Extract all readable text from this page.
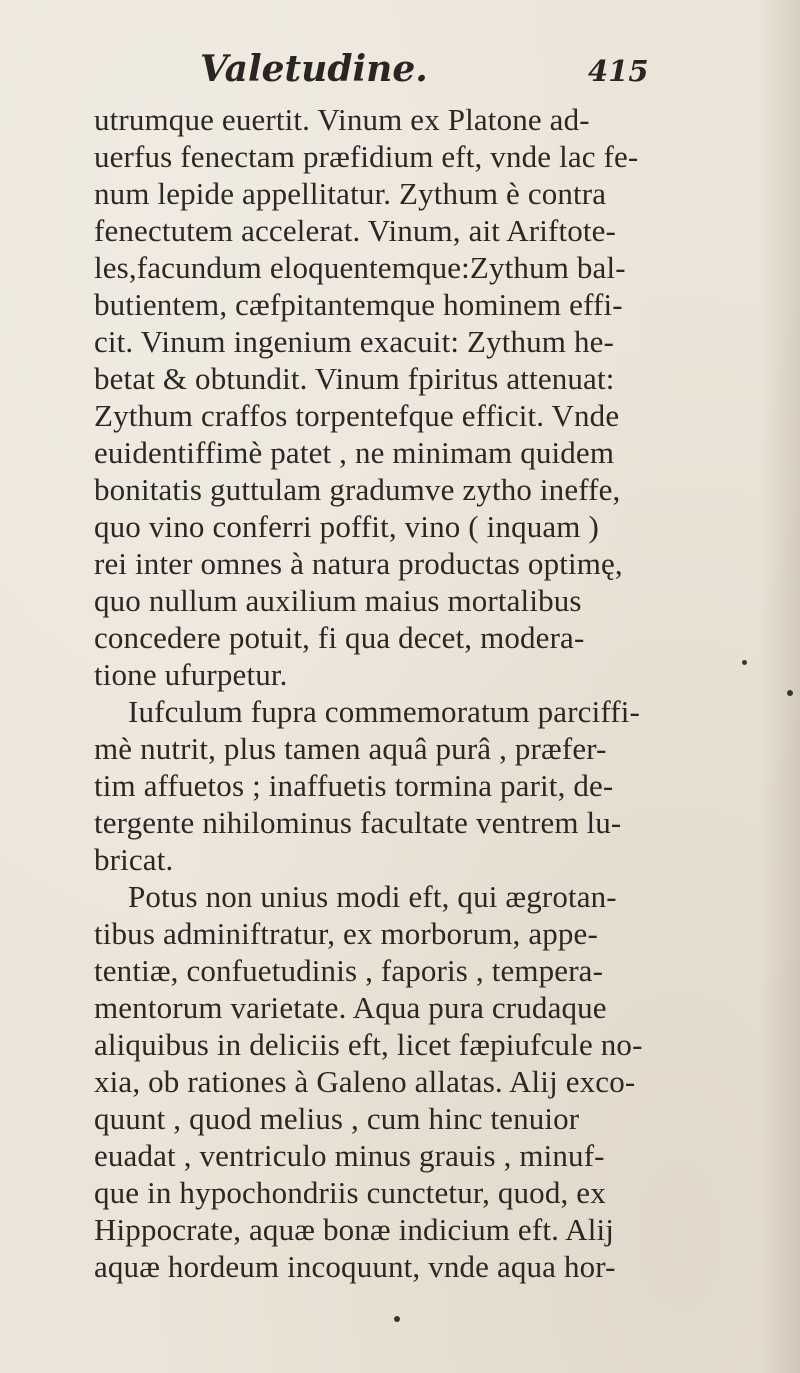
Valetudine.	415
utrumque euertit. Vinum ex Platone ad-
uerfus fenectam præfidium eft, vnde lac fe-
num lepide appellitatur. Zythum è contra
fenectutem accelerat. Vinum, ait Ariftote-
les,facundum eloquentemque:Zythum bal-
butientem, cæfpitantemque hominem effi-
cit. Vinum ingenium exacuit: Zythum he-
betat & obtundit. Vinum fpiritus attenuat:
Zythum craffos torpentefque efficit. Vnde
euidentiffimè patet , ne minimam quidem
bonitatis guttulam gradumve zytho ineffe,
quo vino conferri poffit, vino ( inquam )
rei inter omnes à natura productas optimę,
quo nullum auxilium maius mortalibus
concedere potuit, fi qua decet, modera-
tione ufurpetur.
Iufculum fupra commemoratum parciffi-
mè nutrit, plus tamen aquâ purâ , præfer-
tim affuetos ; inaffuetis tormina parit, de-
tergente nihilominus facultate ventrem lu-
bricat.
Potus non unius modi eft, qui ægrotan-
tibus adminiftratur, ex morborum, appe-
tentiæ, confuetudinis , faporis , tempera-
mentorum varietate. Aqua pura crudaque
aliquibus in deliciis eft, licet fæpiufcule no-
xia, ob rationes à Galeno allatas. Alij exco-
quunt , quod melius , cum hinc tenuior
euadat , ventriculo minus grauis , minuf-
que in hypochondriis cunctetur, quod, ex
Hippocrate, aquæ bonæ indicium eft. Alij
aquæ hordeum incoquunt, vnde aqua hor-
